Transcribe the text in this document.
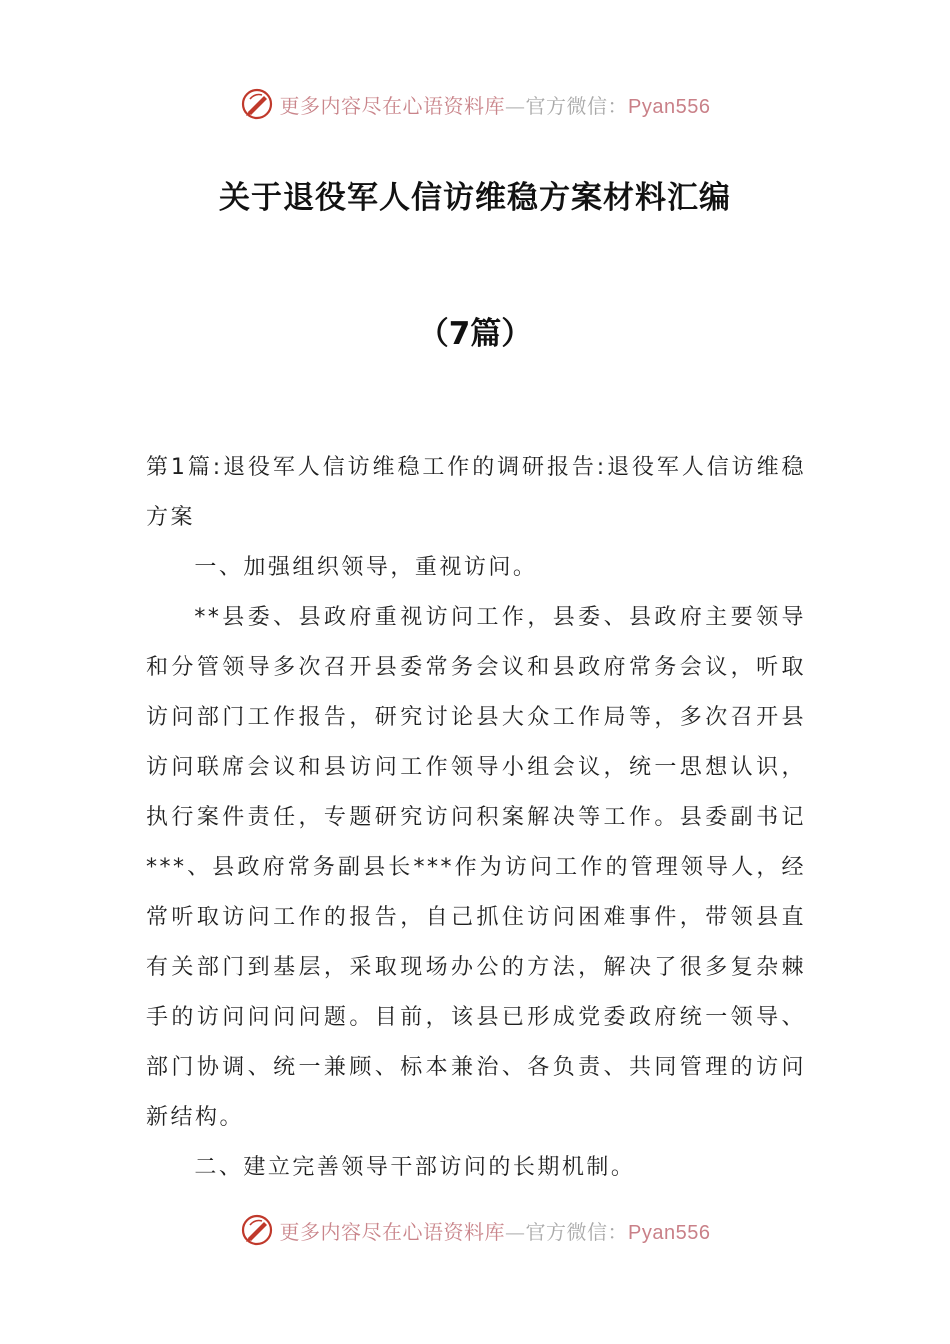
更多内容尽在心语资料库—官方微信：Pyan556
关于退役军人信访维稳方案材料汇编
（7篇）

第1篇:退役军人信访维稳工作的调研报告:退役军人信访维稳方案

一、加强组织领导，重视访问。

**县委、县政府重视访问工作，县委、县政府主要领导和分管领导多次召开县委常务会议和县政府常务会议，听取访问部门工作报告，研究讨论县大众工作局等，多次召开县访问联席会议和县访问工作领导小组会议，统一思想认识，执行案件责任，专题研究访问积案解决等工作。县委副书记***、县政府常务副县长***作为访问工作的管理领导人，经常听取访问工作的报告，自己抓住访问困难事件，带领县直有关部门到基层，采取现场办公的方法，解决了很多复杂棘手的访问问问问题。目前，该县已形成党委政府统一领导、部门协调、统一兼顾、标本兼治、各负责、共同管理的访问新结构。

二、建立完善领导干部访问的长期机制。

更多内容尽在心语资料库—官方微信：Pyan556
